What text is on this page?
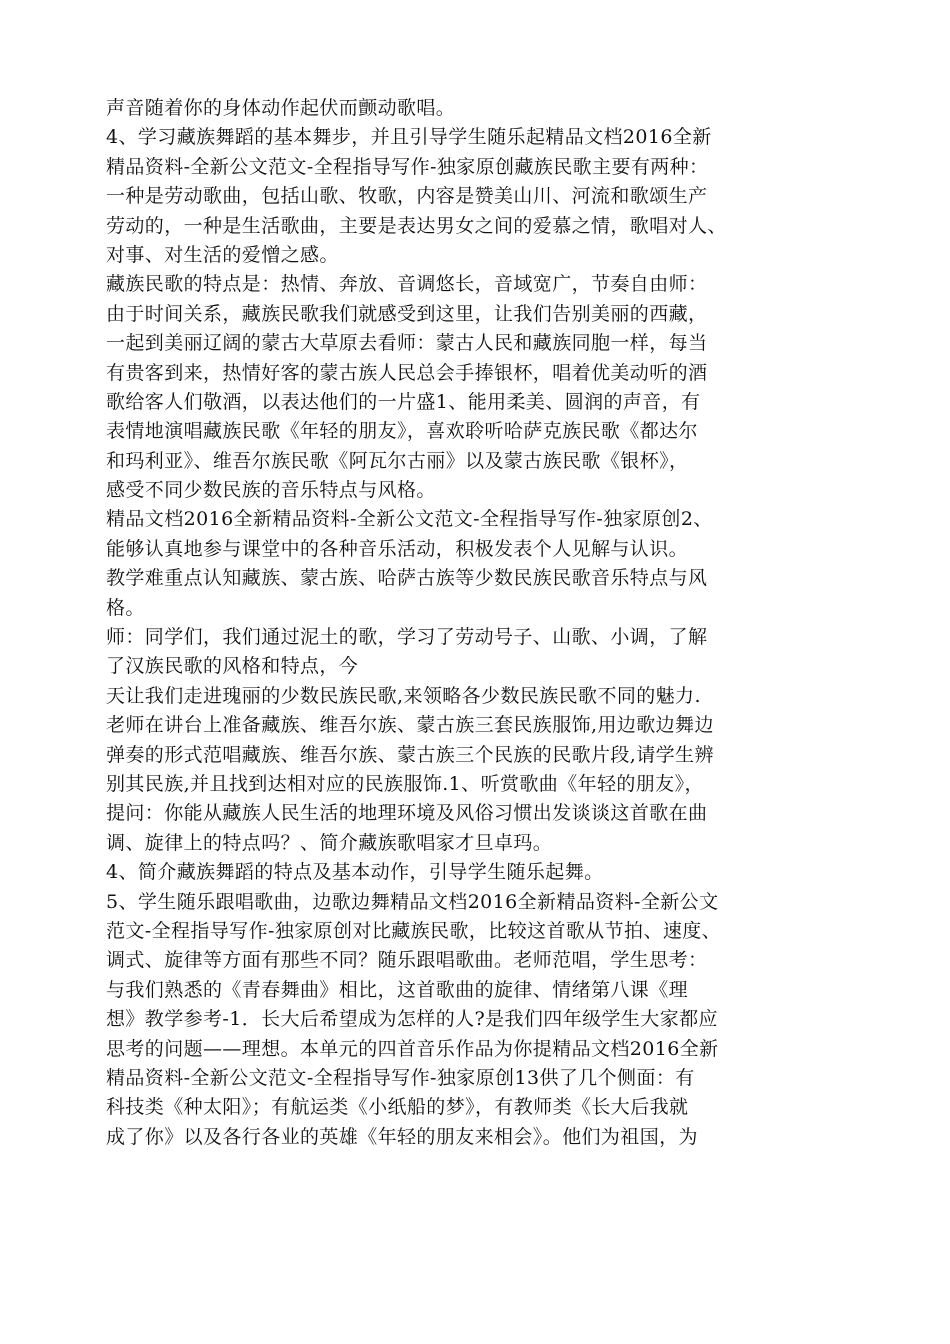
声音随着你的身体动作起伏而颤动歌唱。
4、学习藏族舞蹈的基本舞步，并且引导学生随乐起精品文档2016全新
精品资料-全新公文范文-全程指导写作-独家原创藏族民歌主要有两种：
一种是劳动歌曲，包括山歌、牧歌，内容是赞美山川、河流和歌颂生产
劳动的，一种是生活歌曲，主要是表达男女之间的爱慕之情，歌唱对人、
对事、对生活的爱憎之感。
藏族民歌的特点是：热情、奔放、音调悠长，音域宽广，节奏自由师：
由于时间关系，藏族民歌我们就感受到这里，让我们告别美丽的西藏，
一起到美丽辽阔的蒙古大草原去看师：蒙古人民和藏族同胞一样，每当
有贵客到来，热情好客的蒙古族人民总会手捧银杯，唱着优美动听的酒
歌给客人们敬酒，以表达他们的一片盛1、能用柔美、圆润的声音，有
表情地演唱藏族民歌《年轻的朋友》，喜欢聆听哈萨克族民歌《都达尔
和玛利亚》、维吾尔族民歌《阿瓦尔古丽》以及蒙古族民歌《银杯》，
感受不同少数民族的音乐特点与风格。
精品文档2016全新精品资料-全新公文范文-全程指导写作-独家原创2、
能够认真地参与课堂中的各种音乐活动，积极发表个人见解与认识。
教学难重点认知藏族、蒙古族、哈萨古族等少数民族民歌音乐特点与风
格。
师：同学们，我们通过泥土的歌，学习了劳动号子、山歌、小调，了解
了汉族民歌的风格和特点，今
天让我们走进瑰丽的少数民族民歌,来领略各少数民族民歌不同的魅力.
老师在讲台上准备藏族、维吾尔族、蒙古族三套民族服饰,用边歌边舞边
弹奏的形式范唱藏族、维吾尔族、蒙古族三个民族的民歌片段,请学生辨
别其民族,并且找到达相对应的民族服饰.1、听赏歌曲《年轻的朋友》，
提问：你能从藏族人民生活的地理环境及风俗习惯出发谈谈这首歌在曲
调、旋律上的特点吗？、简介藏族歌唱家才旦卓玛。
4、简介藏族舞蹈的特点及基本动作，引导学生随乐起舞。
5、学生随乐跟唱歌曲，边歌边舞精品文档2016全新精品资料-全新公文
范文-全程指导写作-独家原创对比藏族民歌，比较这首歌从节拍、速度、
调式、旋律等方面有那些不同？随乐跟唱歌曲。老师范唱，学生思考：
与我们熟悉的《青春舞曲》相比，这首歌曲的旋律、情绪第八课《理
想》教学参考-1．长大后希望成为怎样的人?是我们四年级学生大家都应
思考的问题——理想。本单元的四首音乐作品为你提精品文档2016全新
精品资料-全新公文范文-全程指导写作-独家原创13供了几个侧面：有
科技类《种太阳》；有航运类《小纸船的梦》，有教师类《长大后我就
成了你》以及各行各业的英雄《年轻的朋友来相会》。他们为祖国，为
